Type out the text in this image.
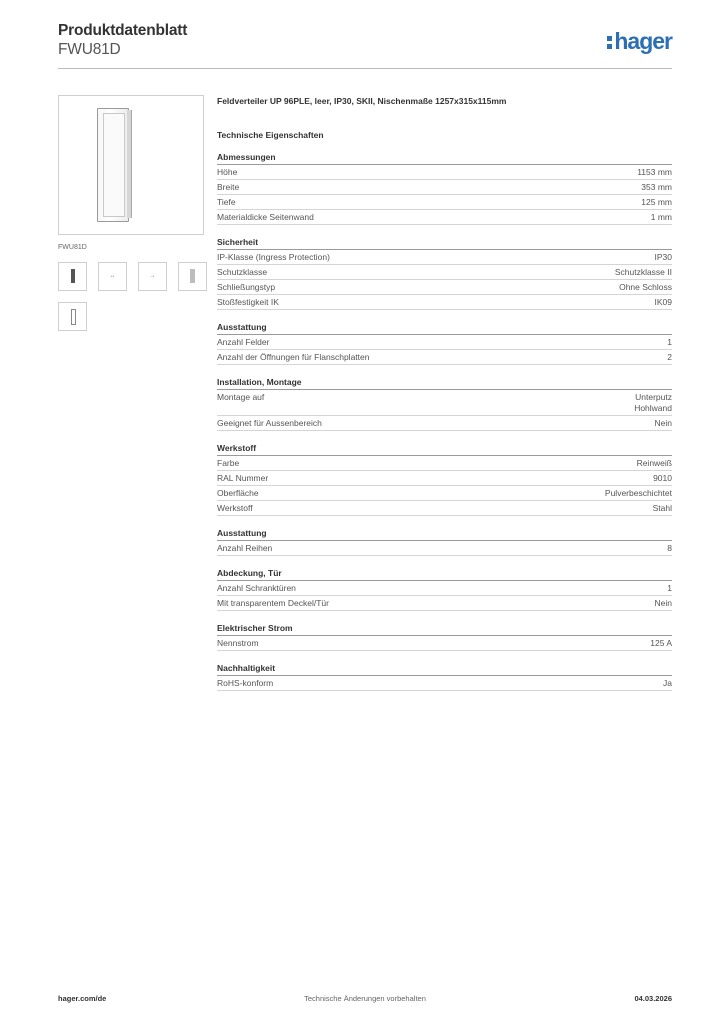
Produktdatenblatt
FWU81D	hager
FWU81D
↔	→
Feldverteiler UP 96PLE, leer, IP30, SKII, Nischenmaße 1257x315x115mm
Technische Eigenschaften
Abmessungen
Höhe	1153 mm
Breite	353 mm
Tiefe	125 mm
Materialdicke Seitenwand	1 mm
Sicherheit
IP-Klasse (Ingress Protection)	IP30
Schutzklasse	Schutzklasse II
Schließungstyp	Ohne Schloss
Stoßfestigkeit IK	IK09
Ausstattung
Anzahl Felder	1
Anzahl der Öffnungen für Flanschplatten	2
Installation, Montage
Montage auf	Unterputz
Hohlwand
Geeignet für Aussenbereich	Nein
Werkstoff
Farbe	Reinweiß
RAL Nummer	9010
Oberfläche	Pulverbeschichtet
Werkstoff	Stahl
Ausstattung
Anzahl Reihen	8
Abdeckung, Tür
Anzahl Schranktüren	1
Mit transparentem Deckel/Tür	Nein
Elektrischer Strom
Nennstrom	125 A
Nachhaltigkeit
RoHS-konform	Ja
hager.com/de	Technische Änderungen vorbehalten	04.03.2026
